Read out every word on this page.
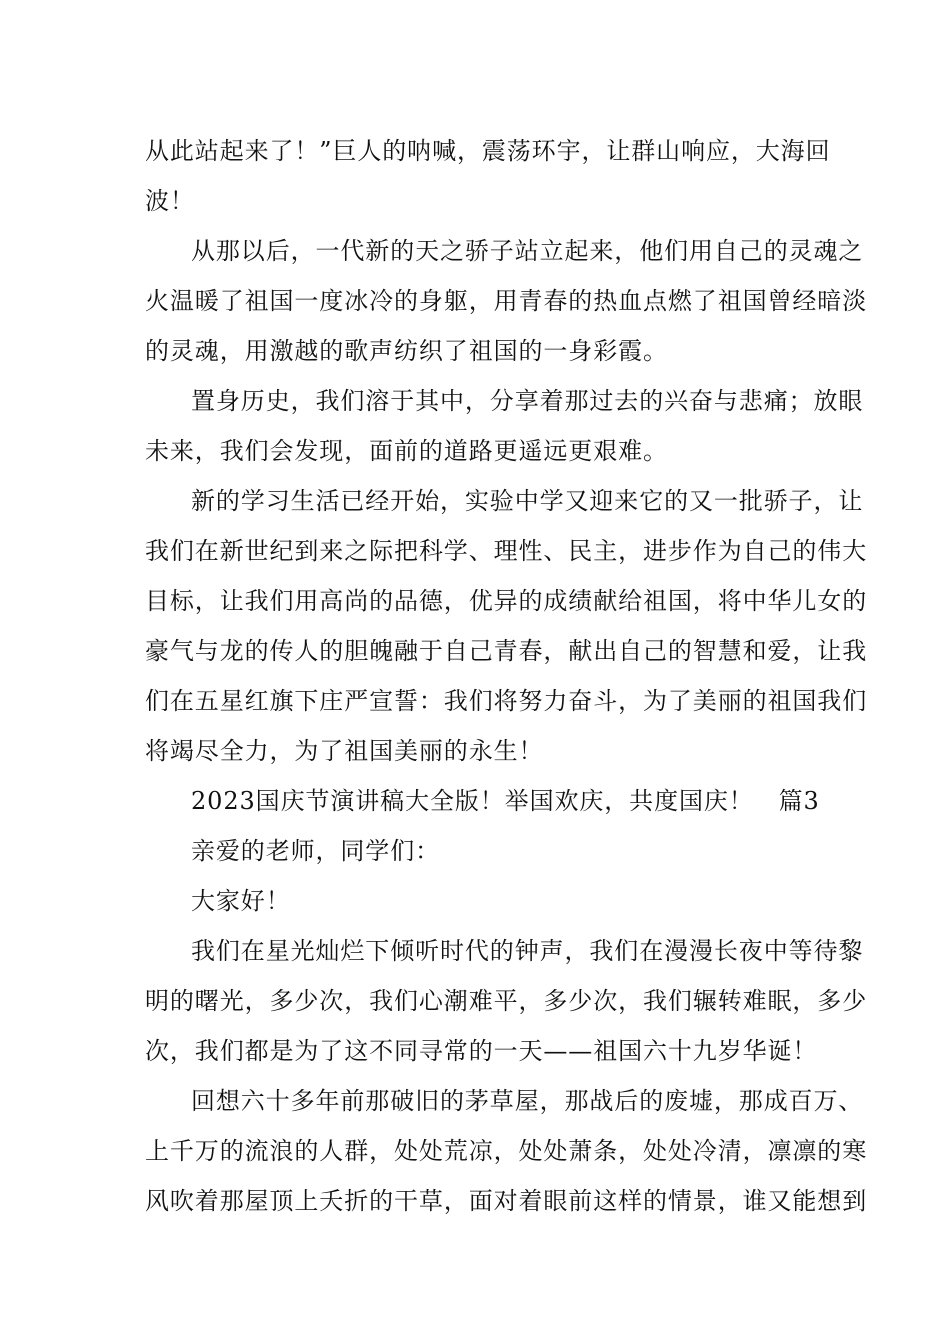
从此站起来了！”巨人的呐喊，震荡环宇，让群山响应，大海回
波！
从那以后，一代新的天之骄子站立起来，他们用自己的灵魂之
火温暖了祖国一度冰冷的身躯，用青春的热血点燃了祖国曾经暗淡
的灵魂，用激越的歌声纺织了祖国的一身彩霞。
置身历史，我们溶于其中，分享着那过去的兴奋与悲痛；放眼
未来，我们会发现，面前的道路更遥远更艰难。
新的学习生活已经开始，实验中学又迎来它的又一批骄子，让
我们在新世纪到来之际把科学、理性、民主，进步作为自己的伟大
目标，让我们用高尚的品德，优异的成绩献给祖国，将中华儿女的
豪气与龙的传人的胆魄融于自己青春，献出自己的智慧和爱，让我
们在五星红旗下庄严宣誓：我们将努力奋斗，为了美丽的祖国我们
将竭尽全力，为了祖国美丽的永生！
2023国庆节演讲稿大全版！举国欢庆，共度国庆！　篇3
亲爱的老师，同学们：
大家好！
我们在星光灿烂下倾听时代的钟声，我们在漫漫长夜中等待黎
明的曙光，多少次，我们心潮难平，多少次，我们辗转难眠，多少
次，我们都是为了这不同寻常的一天——祖国六十九岁华诞！
回想六十多年前那破旧的茅草屋，那战后的废墟，那成百万、
上千万的流浪的人群，处处荒凉，处处萧条，处处冷清，凛凛的寒
风吹着那屋顶上夭折的干草，面对着眼前这样的情景，谁又能想到
